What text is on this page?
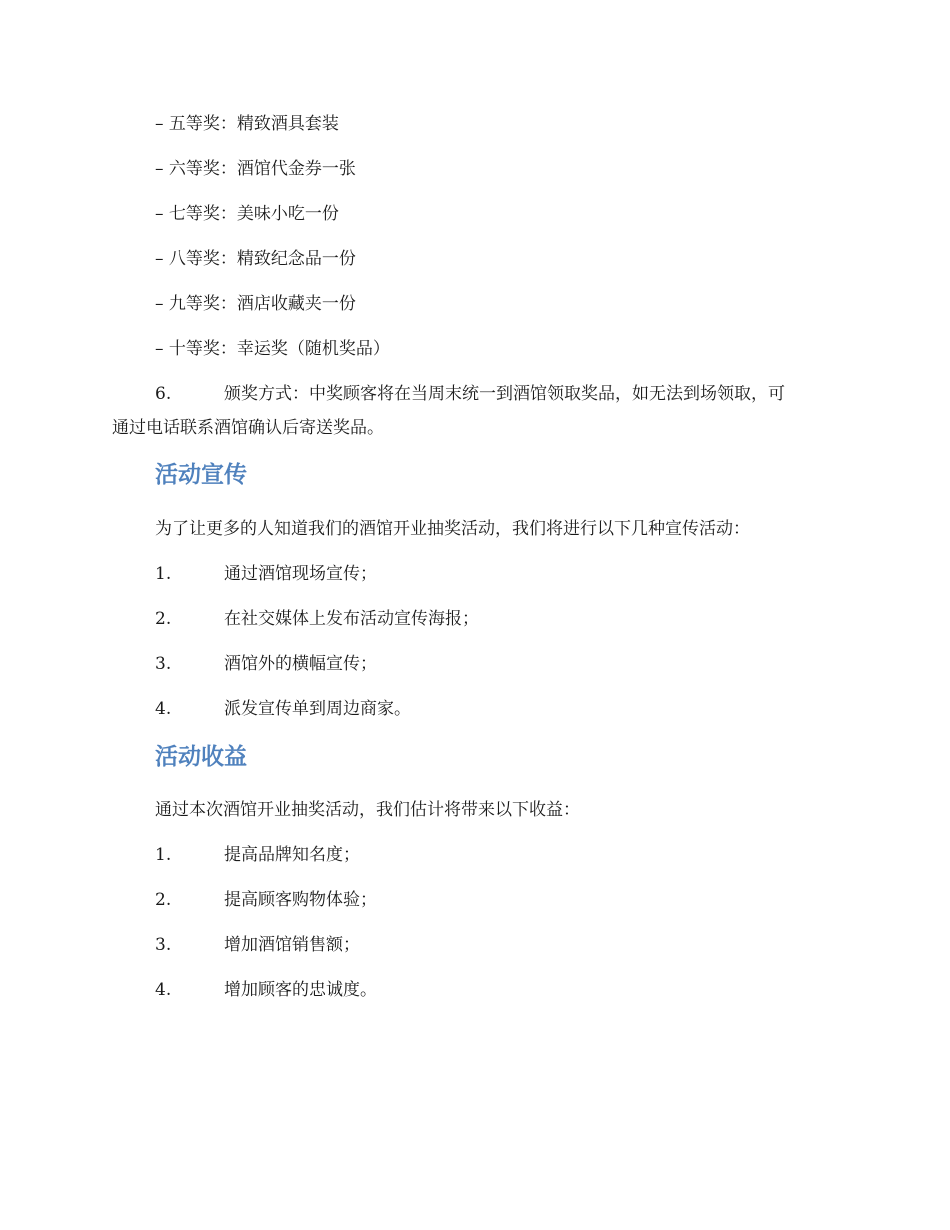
– 五等奖：精致酒具套装
– 六等奖：酒馆代金券一张
– 七等奖：美味小吃一份
– 八等奖：精致纪念品一份
– 九等奖：酒店收藏夹一份
– 十等奖：幸运奖（随机奖品）
6.	颁奖方式：中奖顾客将在当周末统一到酒馆领取奖品，如无法到场领取，可
通过电话联系酒馆确认后寄送奖品。
活动宣传
为了让更多的人知道我们的酒馆开业抽奖活动，我们将进行以下几种宣传活动：
1.	通过酒馆现场宣传；
2.	在社交媒体上发布活动宣传海报；
3.	酒馆外的横幅宣传；
4.	派发宣传单到周边商家。
活动收益
通过本次酒馆开业抽奖活动，我们估计将带来以下收益：
1.	提高品牌知名度；
2.	提高顾客购物体验；
3.	增加酒馆销售额；
4.	增加顾客的忠诚度。
